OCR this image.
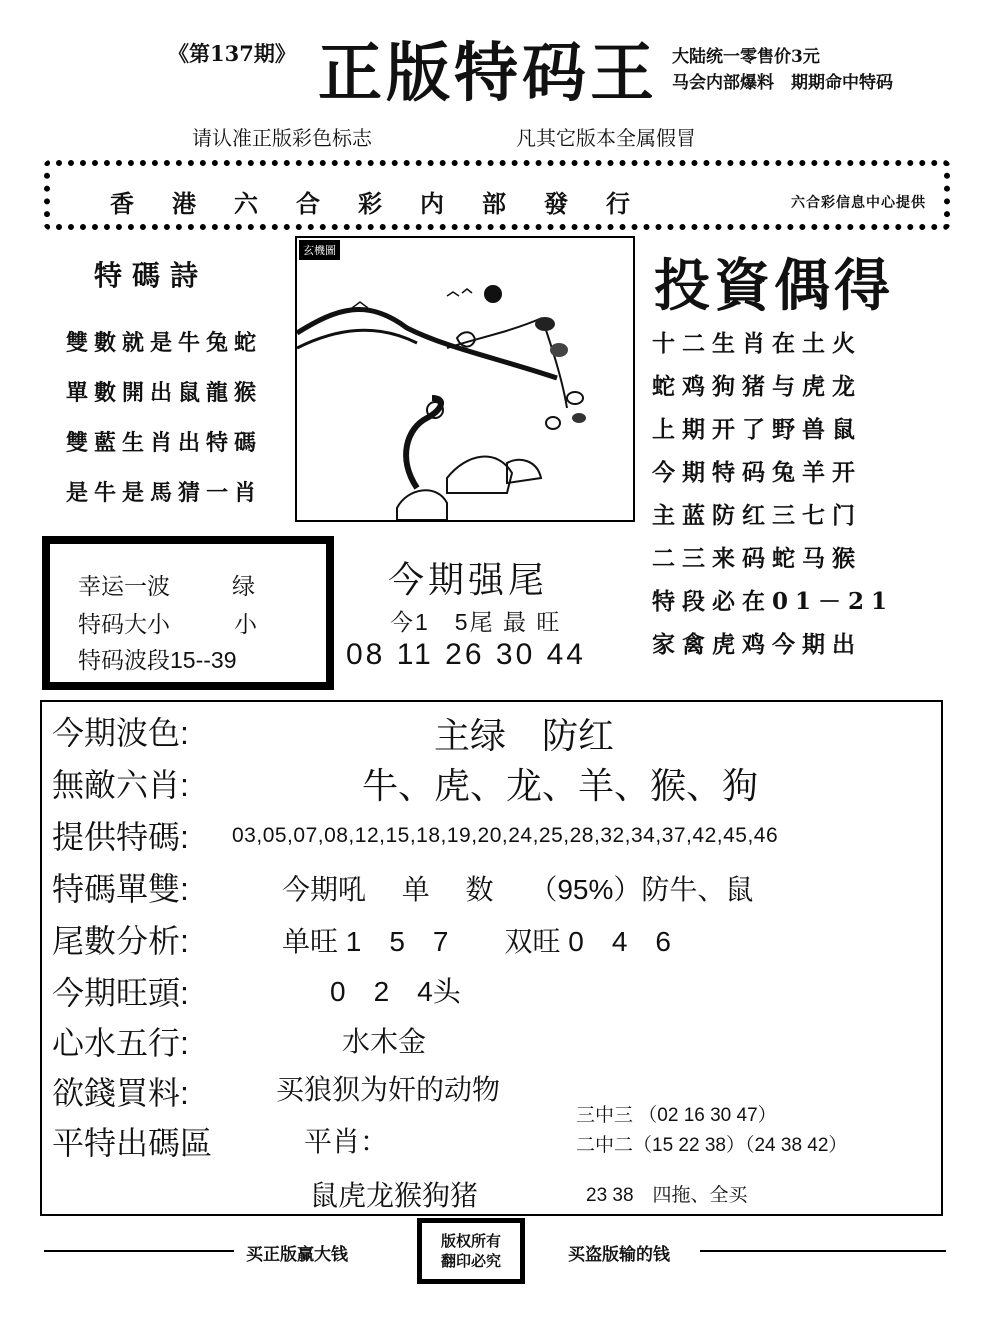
《第137期》 正版特码王 大陆统一零售价3元
马会内部爆料　期期命中特码
请认准正版彩色标志	凡其它版本全属假冒
香港六合彩内部發行	六合彩信息中心提供
特碼詩
雙數就是牛兔蛇
單數開出鼠龍猴
雙藍生肖出特碼
是牛是馬猜一肖
玄機圖
投資偶得
十二生肖在土火
蛇鸡狗猪与虎龙
上期开了野兽鼠
今期特码兔羊开
主蓝防红三七门
二三来码蛇马猴
特段必在01－21
家禽虎鸡今期出
幸运一波	绿
特码大小	小
特码波段15--39
今期强尾
今1　5尾 最 旺
08 11 26 30 44
今期波色:	主绿　防红
無敵六肖:	牛、虎、龙、羊、猴、狗
提供特碼: 03,05,07,08,12,15,18,19,20,24,25,28,32,34,37,42,45,46
特碼單雙:	今期吼　 单　 数　 （95%）防牛、鼠
尾數分析:	单旺 1　5　7　　双旺 0　4　6
今期旺頭:	0　2　4头
心水五行:	水木金
欲錢買料:	买狼狈为奸的动物
平特出碼區	平肖：
鼠虎龙猴狗猪
三中三 （02 16 30 47）
二中二（15 22 38）（24 38 42）
23 38　四拖、全买
买正版赢大钱
版权所有
翻印必究	买盗版输的钱
